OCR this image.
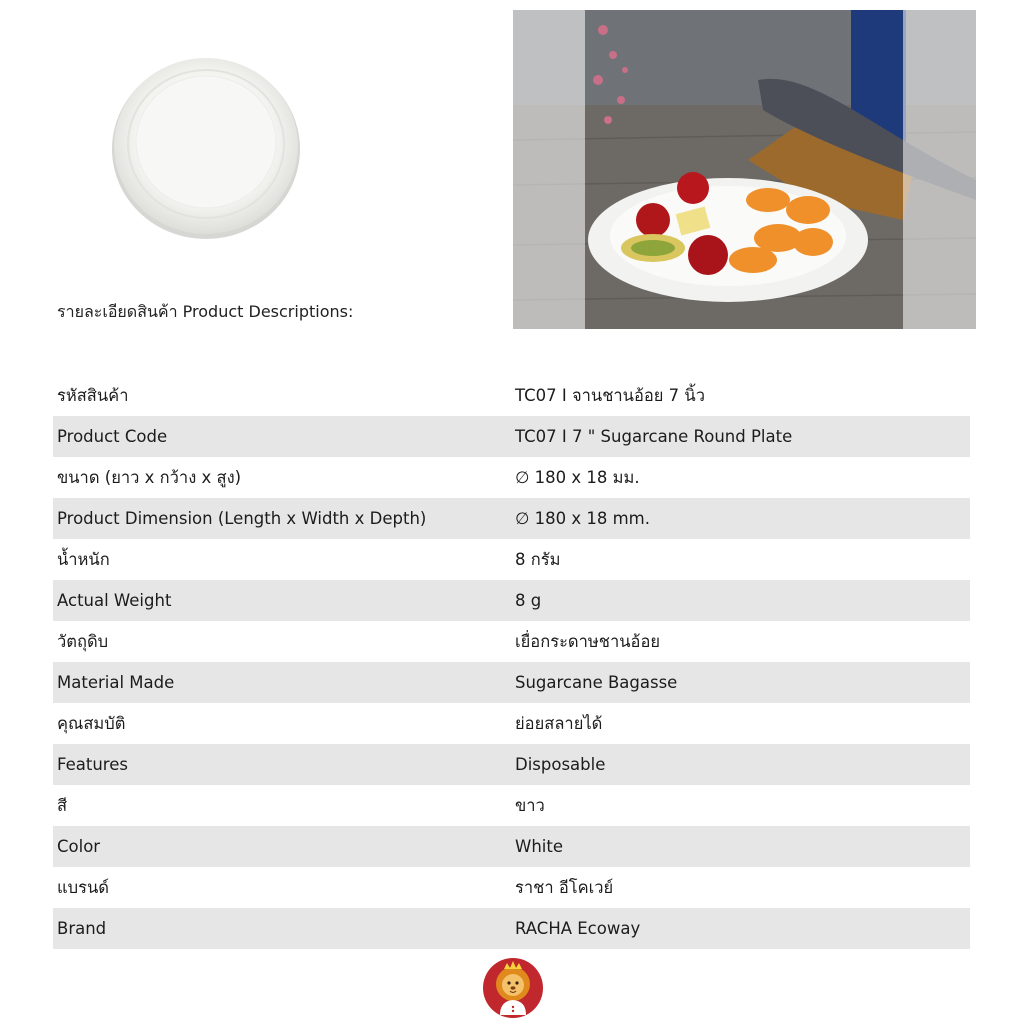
รายละเอียดสินค้า Product Descriptions:
รหัสสินค้า	TC07 I จานชานอ้อย 7 นิ้ว
Product Code	TC07 I 7 " Sugarcane Round Plate
ขนาด (ยาว x กว้าง x สูง)	∅ 180 x 18 มม.
Product Dimension (Length x Width x Depth)	∅ 180 x 18 mm.
น้ำหนัก	8 กรัม
Actual Weight	8 g
วัตถุดิบ	เยื่อกระดาษชานอ้อย
Material Made	Sugarcane Bagasse
คุณสมบัติ	ย่อยสลายได้
Features	Disposable
สี	ขาว
Color	White
แบรนด์	ราชา อีโคเวย์
Brand	RACHA Ecoway
